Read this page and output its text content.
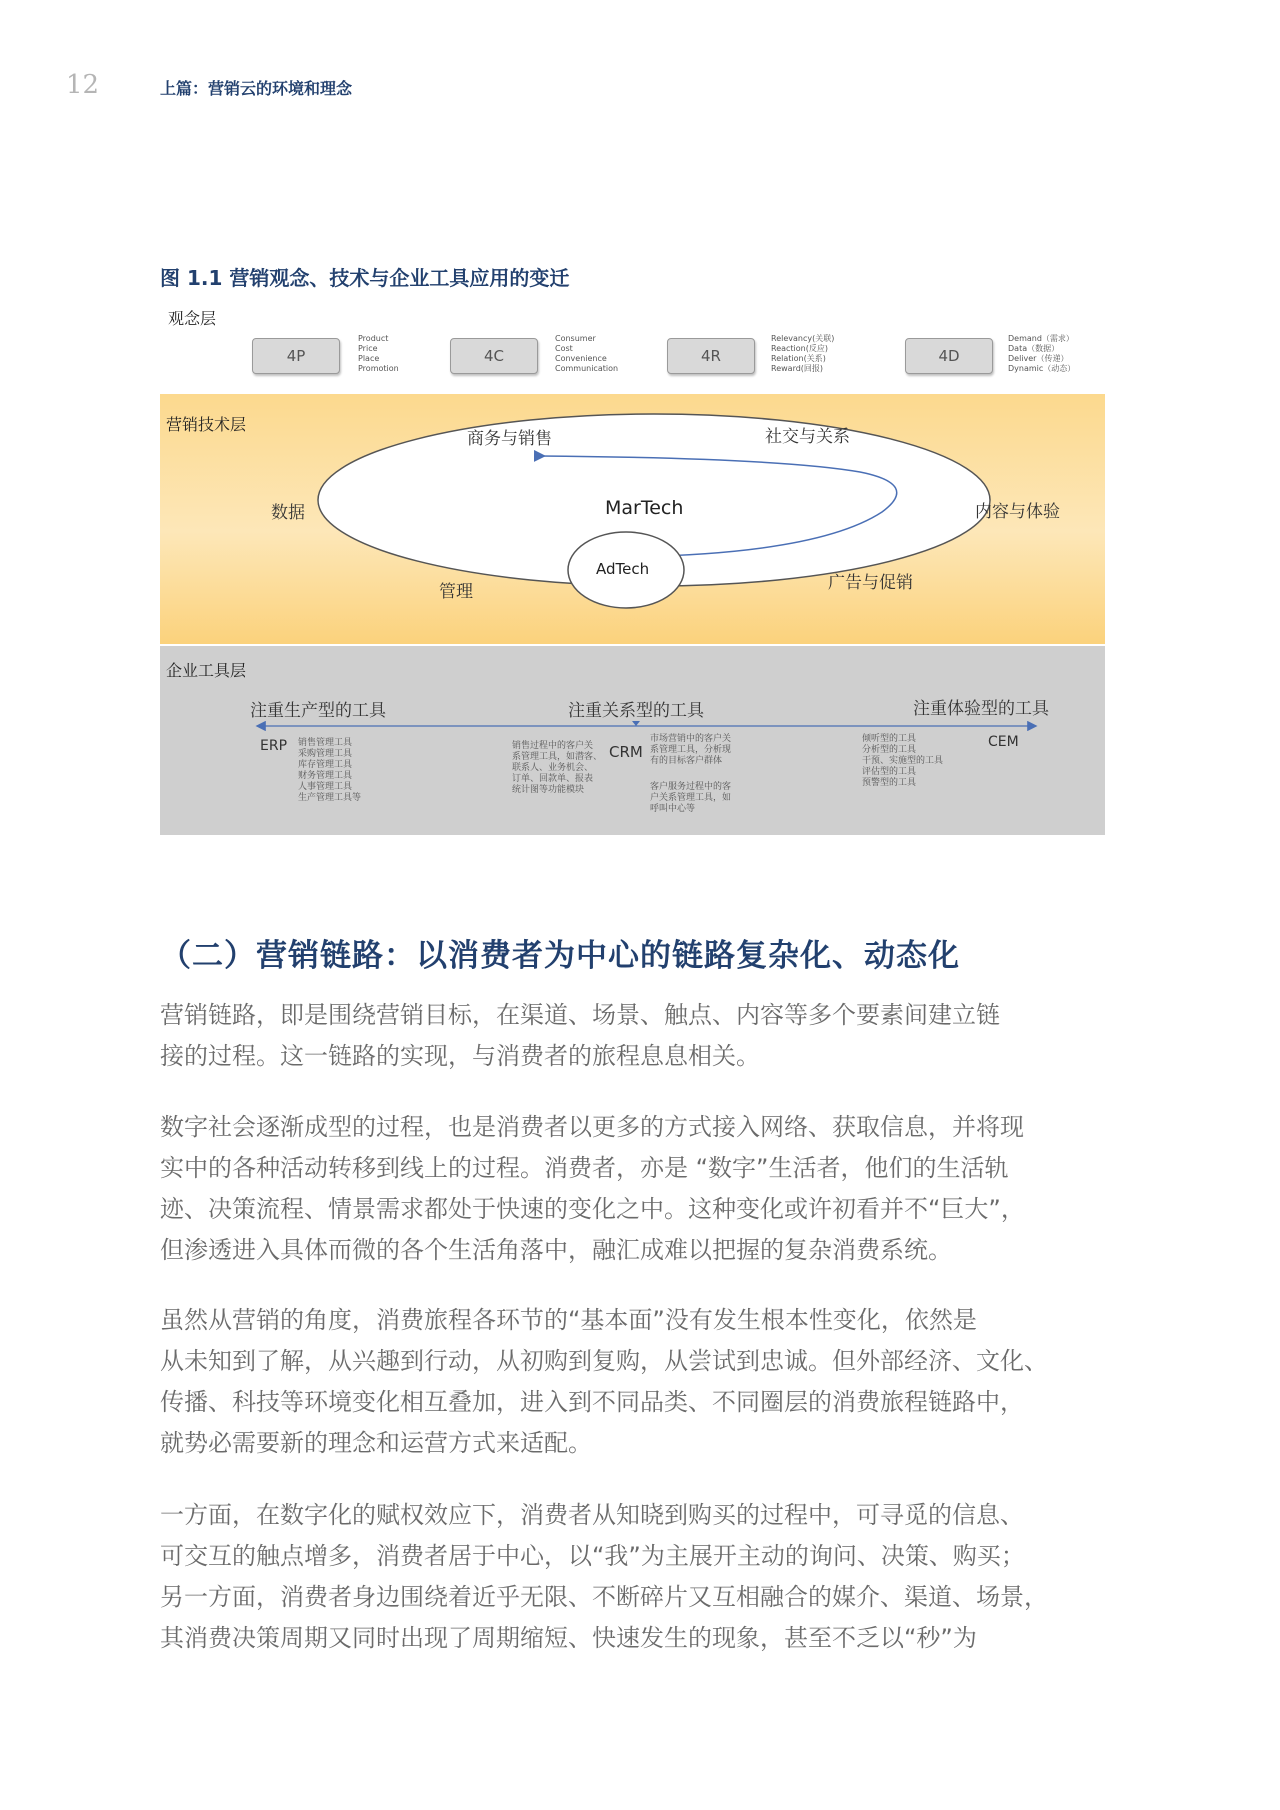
12	上篇：营销云的环境和理念
图 1.1 营销观念、技术与企业工具应用的变迁
观念层
4P
Product
Price
Place
Promotion
4C
Consumer
Cost
Convenience
Communication
4R
Relevancy(关联)
Reaction(反应)
Relation(关系)
Reward(回报)
4D
Demand（需求）
Data（数据）
Deliver（传递）
Dynamic（动态）
营销技术层
商务与销售	社交与关系
数据	内容与体验
管理	广告与促销
MarTech
AdTech
企业工具层
注重生产型的工具	注重关系型的工具	注重体验型的工具
ERP 销售管理工具
采购管理工具
库存管理工具
财务管理工具
人事管理工具
生产管理工具等
销售过程中的客户关
系管理工具，如潜客、
联系人、业务机会、
订单、回款单、报表
统计图等功能模块
CRM
市场营销中的客户关
系管理工具，分析现
有的目标客户群体
客户服务过程中的客
户关系管理工具，如
呼叫中心等
倾听型的工具
分析型的工具
干预、实施型的工具
评估型的工具
预警型的工具
CEM
（二）营销链路：以消费者为中心的链路复杂化、动态化
营销链路，即是围绕营销目标，在渠道、场景、触点、内容等多个要素间建立链
接的过程。这一链路的实现，与消费者的旅程息息相关。
数字社会逐渐成型的过程，也是消费者以更多的方式接入网络、获取信息，并将现
实中的各种活动转移到线上的过程。消费者，亦是 “数字”生活者，他们的生活轨
迹、决策流程、情景需求都处于快速的变化之中。这种变化或许初看并不“巨大”，
但渗透进入具体而微的各个生活角落中，融汇成难以把握的复杂消费系统。
虽然从营销的角度，消费旅程各环节的“基本面”没有发生根本性变化，依然是
从未知到了解，从兴趣到行动，从初购到复购，从尝试到忠诚。但外部经济、文化、
传播、科技等环境变化相互叠加，进入到不同品类、不同圈层的消费旅程链路中，
就势必需要新的理念和运营方式来适配。
一方面，在数字化的赋权效应下，消费者从知晓到购买的过程中，可寻觅的信息、
可交互的触点增多，消费者居于中心，以“我”为主展开主动的询问、决策、购买；
另一方面，消费者身边围绕着近乎无限、不断碎片又互相融合的媒介、渠道、场景，
其消费决策周期又同时出现了周期缩短、快速发生的现象，甚至不乏以“秒”为
